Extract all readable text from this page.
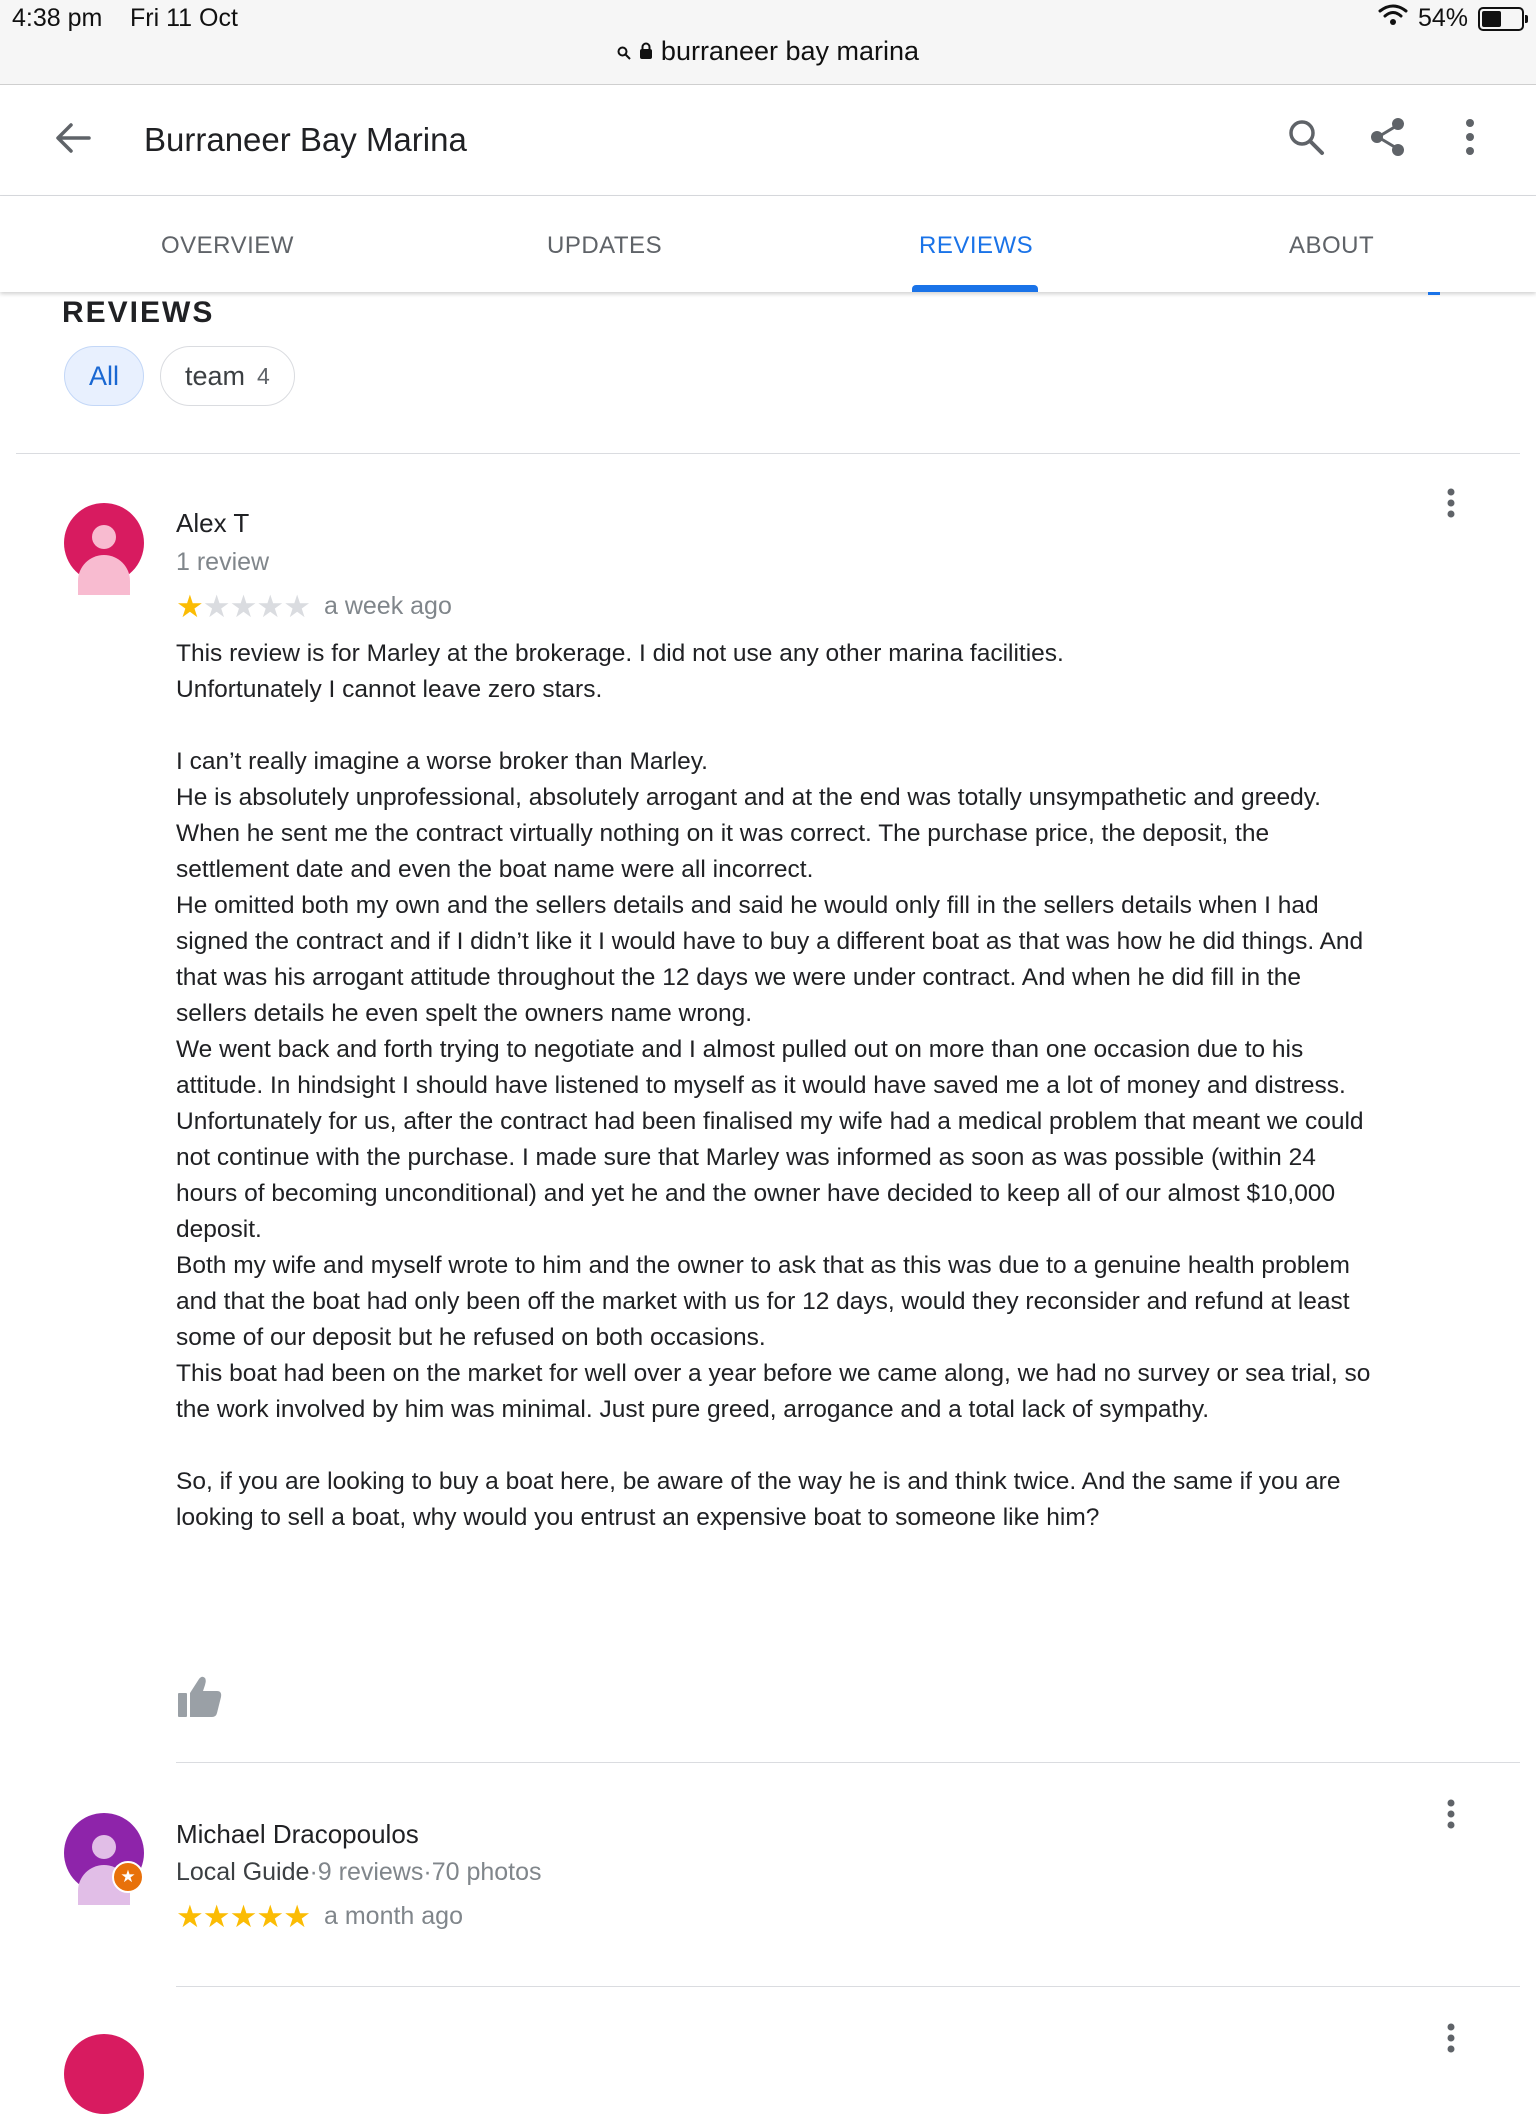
4:38 pm Fri 11 Oct	54%
burraneer bay marina
Burraneer Bay Marina
OVERVIEW	UPDATES	REVIEWS	ABOUT
REVIEWS
All team 4
Alex T
1 review
★★★★★ a week ago

This review is for Marley at the brokerage. I did not use any other marina facilities.

Unfortunately I cannot leave zero stars.

I can’t really imagine a worse broker than Marley.

He is absolutely unprofessional, absolutely arrogant and at the end was totally unsympathetic and greedy.

When he sent me the contract virtually nothing on it was correct. The purchase price, the deposit, the settlement date and even the boat name were all incorrect.

He omitted both my own and the sellers details and said he would only fill in the sellers details when I had signed the contract and if I didn’t like it I would have to buy a different boat as that was how he did things. And that was his arrogant attitude throughout the 12 days we were under contract. And when he did fill in the sellers details he even spelt the owners name wrong.

We went back and forth trying to negotiate and I almost pulled out on more than one occasion due to his attitude. In hindsight I should have listened to myself as it would have saved me a lot of money and distress.

Unfortunately for us, after the contract had been finalised my wife had a medical problem that meant we could not continue with the purchase. I made sure that Marley was informed as soon as was possible (within 24 hours of becoming unconditional) and yet he and the owner have decided to keep all of our almost $10,000 deposit.

Both my wife and myself wrote to him and the owner to ask that as this was due to a genuine health problem and that the boat had only been off the market with us for 12 days, would they reconsider and refund at least some of our deposit but he refused on both occasions.

This boat had been on the market for well over a year before we came along, we had no survey or sea trial, so the work involved by him was minimal. Just pure greed, arrogance and a total lack of sympathy.

So, if you are looking to buy a boat here, be aware of the way he is and think twice. And the same if you are looking to sell a boat, why would you entrust an expensive boat to someone like him?

★
Michael Dracopoulos
Local Guide·9 reviews·70 photos
★★★★★ a month ago
